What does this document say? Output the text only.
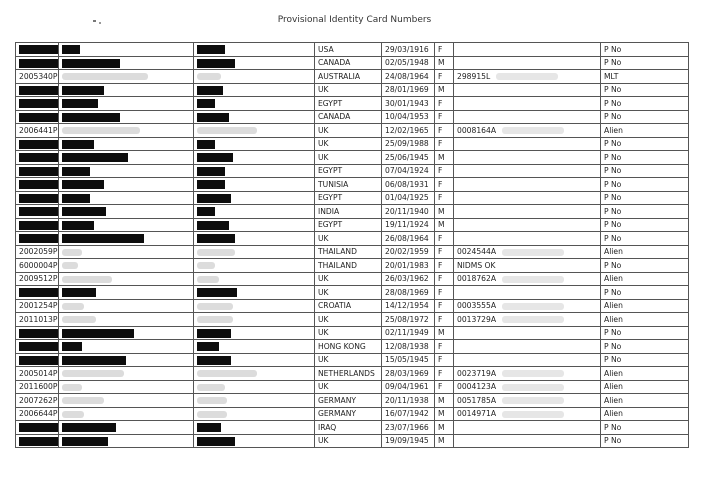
Provisional Identity Card Numbers
			USA	29/03/1916	F		P No
			CANADA	02/05/1948	M		P No
2005340P			AUSTRALIA	24/08/1964	F	298915L	MLT
			UK	28/01/1969	M		P No
			EGYPT	30/01/1943	F		P No
			CANADA	10/04/1953	F		P No
2006441P			UK	12/02/1965	F	0008164A	Alien
			UK	25/09/1988	F		P No
			UK	25/06/1945	M		P No
			EGYPT	07/04/1924	F		P No
			TUNISIA	06/08/1931	F		P No
			EGYPT	01/04/1925	F		P No
			INDIA	20/11/1940	M		P No
			EGYPT	19/11/1924	M		P No
			UK	26/08/1964	F		P No
2002059P			THAILAND	20/02/1959	F	0024544A	Alien
6000004P			THAILAND	20/01/1983	F	NIDMS OK	P No
2009512P			UK	26/03/1962	F	0018762A	Alien
			UK	28/08/1969	F		P No
2001254P			CROATIA	14/12/1954	F	0003555A	Alien
2011013P			UK	25/08/1972	F	0013729A	Alien
			UK	02/11/1949	M		P No
			HONG KONG	12/08/1938	F		P No
			UK	15/05/1945	F		P No
2005014P			NETHERLANDS	28/03/1969	F	0023719A	Alien
2011600P			UK	09/04/1961	F	0004123A	Alien
2007262P			GERMANY	20/11/1938	M	0051785A	Alien
2006644P			GERMANY	16/07/1942	M	0014971A	Alien
			IRAQ	23/07/1966	M		P No
			UK	19/09/1945	M		P No
